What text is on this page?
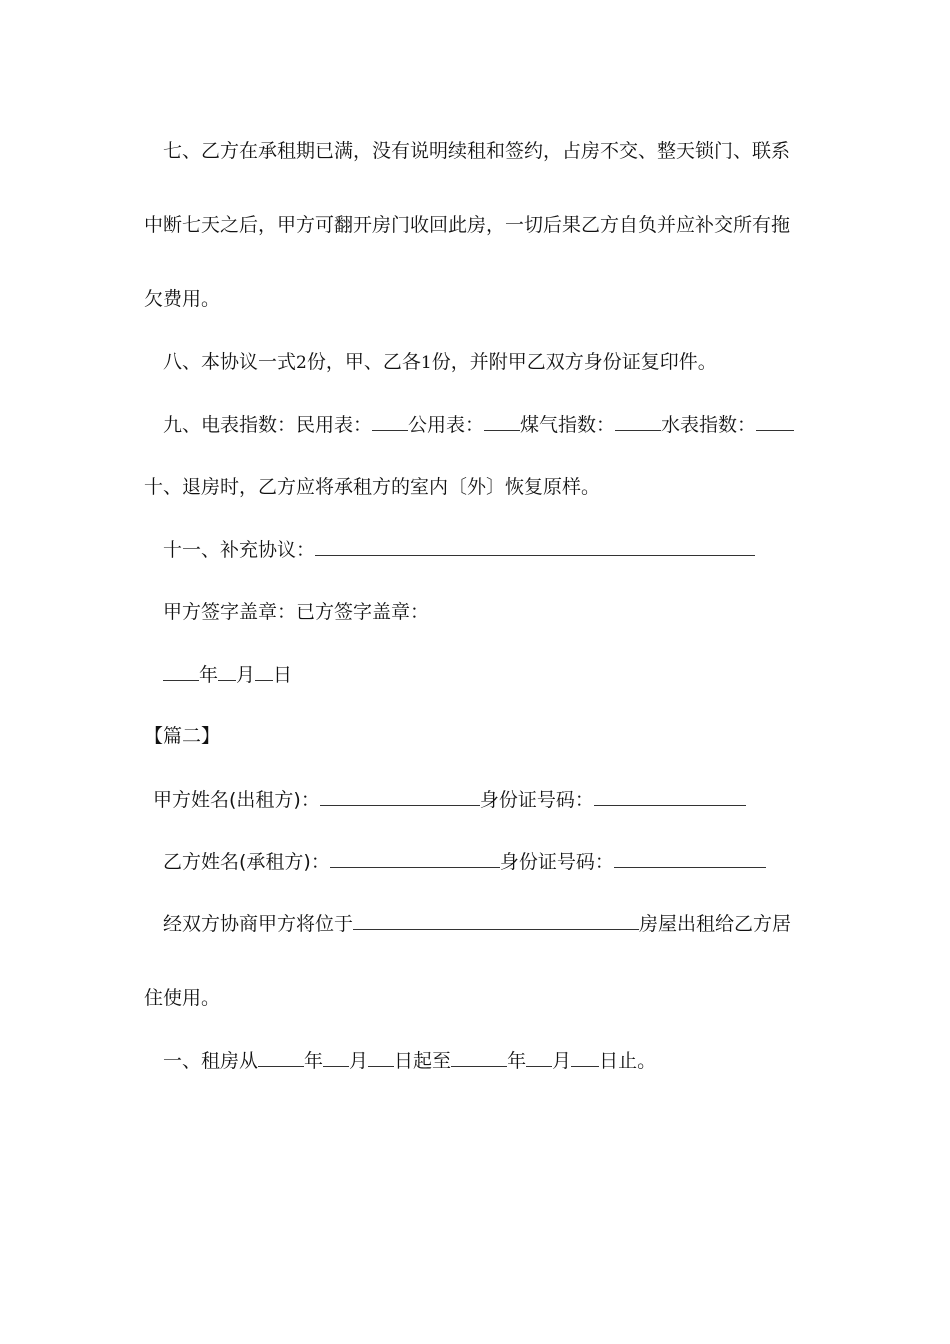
七、乙方在承租期已满，没有说明续租和签约，占房不交、整天锁门、联系
中断七天之后，甲方可翻开房门收回此房，一切后果乙方自负并应补交所有拖
欠费用。
八、本协议一式2份，甲、乙各1份，并附甲乙双方身份证复印件。
九、电表指数：民用表： 公用表： 煤气指数： 水表指数：
十、退房时，乙方应将承租方的室内〔外〕恢复原样。
十一、补充协议：
甲方签字盖章：已方签字盖章：
年 月 日
【篇二】
甲方姓名(出租方)：	身份证号码：
乙方姓名(承租方)：	身份证号码：
经双方协商甲方将位于	房屋出租给乙方居
住使用。
一、租房从 年 月 日起至	年 月 日止。
